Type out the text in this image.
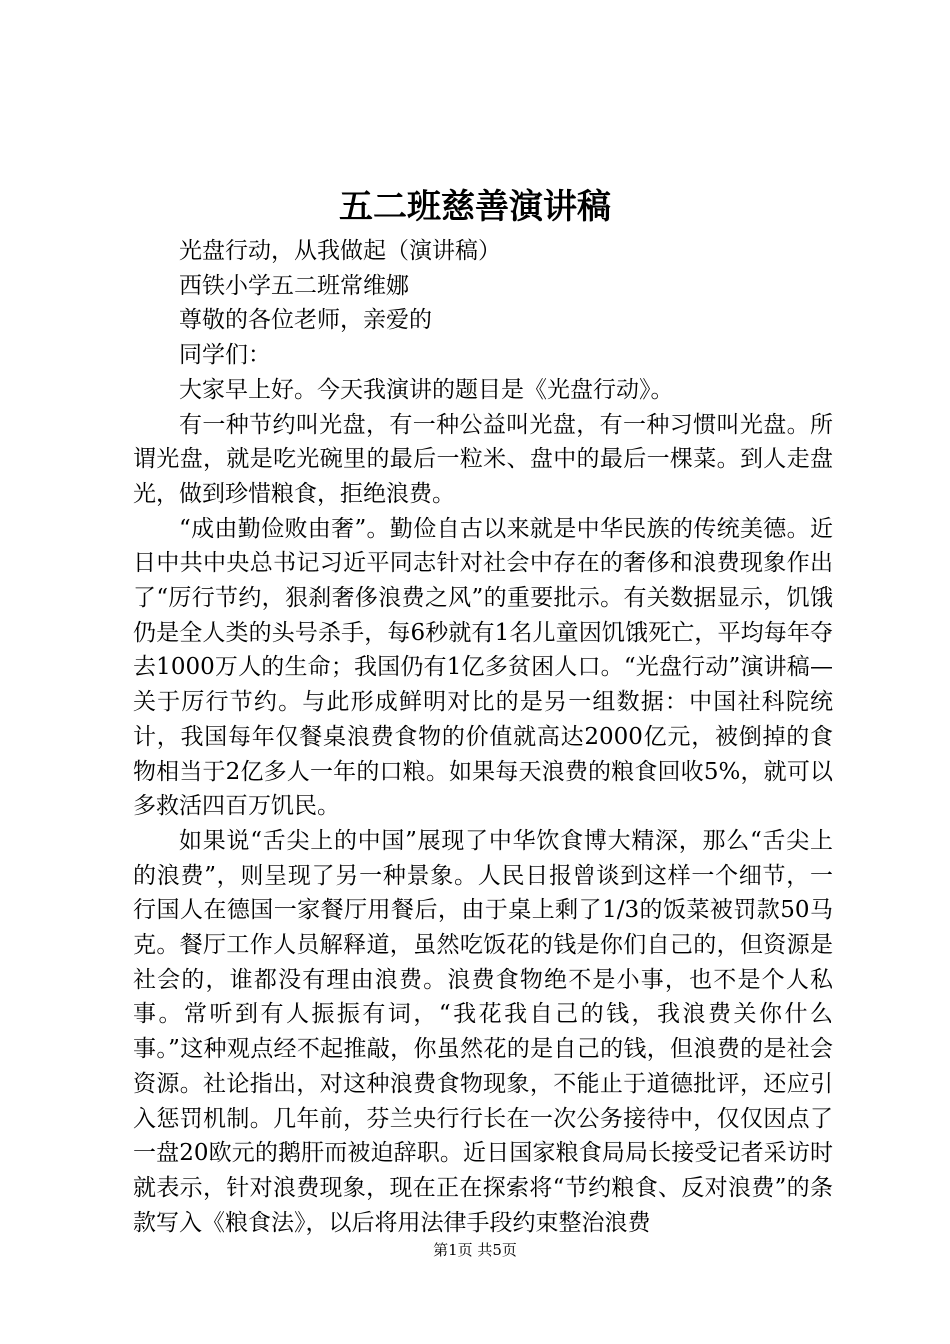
五二班慈善演讲稿

光盘行动，从我做起（演讲稿）

西铁小学五二班常维娜

尊敬的各位老师，亲爱的

同学们：

大家早上好。今天我演讲的题目是《光盘行动》。

有一种节约叫光盘，有一种公益叫光盘，有一种习惯叫光盘。所谓光盘，就是吃光碗里的最后一粒米、盘中的最后一棵菜。到人走盘光，做到珍惜粮食，拒绝浪费。

“成由勤俭败由奢”。勤俭自古以来就是中华民族的传统美德。近日中共中央总书记习近平同志针对社会中存在的奢侈和浪费现象作出了“厉行节约，狠刹奢侈浪费之风”的重要批示。有关数据显示，饥饿仍是全人类的头号杀手，每6秒就有1名儿童因饥饿死亡，平均每年夺去1000万人的生命；我国仍有1亿多贫困人口。“光盘行动”演讲稿—关于厉行节约。与此形成鲜明对比的是另一组数据：中国社科院统计，我国每年仅餐桌浪费食物的价值就高达2000亿元，被倒掉的食物相当于2亿多人一年的口粮。如果每天浪费的粮食回收5%，就可以多救活四百万饥民。

如果说“舌尖上的中国”展现了中华饮食博大精深，那么“舌尖上的浪费”，则呈现了另一种景象。人民日报曾谈到这样一个细节，一行国人在德国一家餐厅用餐后，由于桌上剩了1/3的饭菜被罚款50马克。餐厅工作人员解释道，虽然吃饭花的钱是你们自己的，但资源是社会的，谁都没有理由浪费。浪费食物绝不是小事，也不是个人私事。常听到有人振振有词，“我花我自己的钱，我浪费关你什么事。”这种观点经不起推敲，你虽然花的是自己的钱，但浪费的是社会资源。社论指出，对这种浪费食物现象，不能止于道德批评，还应引入惩罚机制。几年前，芬兰央行行长在一次公务接待中，仅仅因点了一盘20欧元的鹅肝而被迫辞职。近日国家粮食局局长接受记者采访时就表示，针对浪费现象，现在正在探索将“节约粮食、反对浪费”的条款写入《粮食法》，以后将用法律手段约束整治浪费

第1页 共5页
